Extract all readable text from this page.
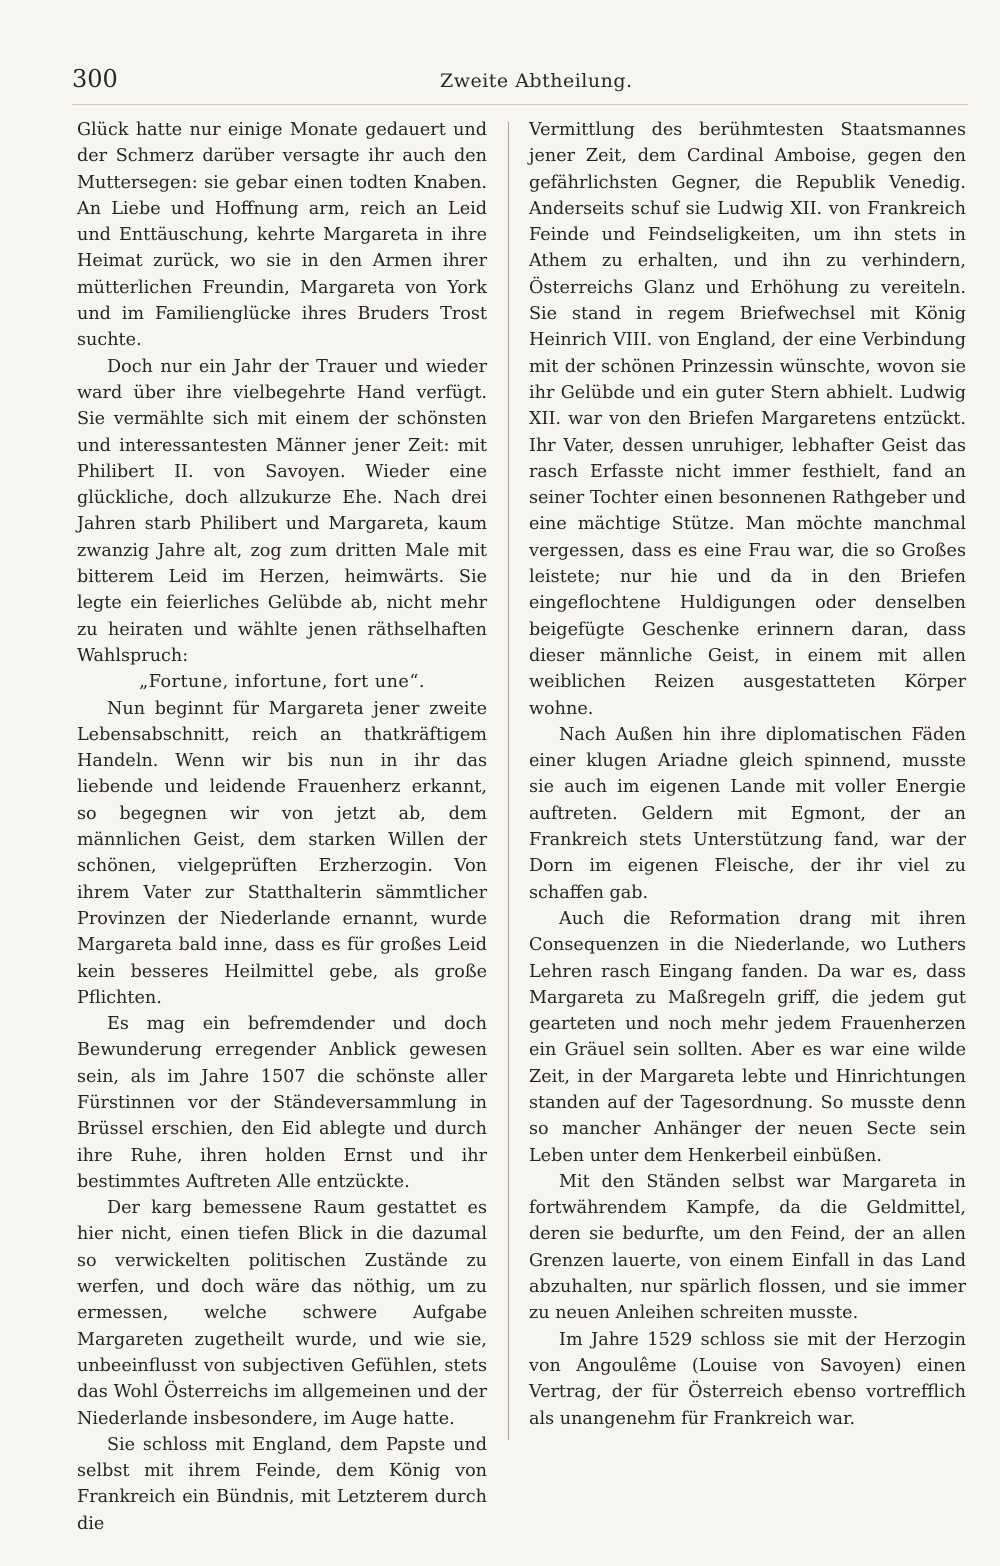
300	Zweite Abtheilung.

Glück hatte nur einige Monate gedauert und der Schmerz darüber versagte ihr auch den Muttersegen: sie gebar einen todten Knaben. An Liebe und Hoffnung arm, reich an Leid und Enttäuschung, kehrte Margareta in ihre Heimat zurück, wo sie in den Armen ihrer mütterlichen Freundin, Margareta von York und im Familienglücke ihres Bruders Trost suchte.

Doch nur ein Jahr der Trauer und wieder ward über ihre vielbegehrte Hand verfügt. Sie vermählte sich mit einem der schönsten und interessantesten Männer jener Zeit: mit Philibert II. von Savoyen. Wieder eine glückliche, doch allzukurze Ehe. Nach drei Jahren starb Philibert und Margareta, kaum zwanzig Jahre alt, zog zum dritten Male mit bitterem Leid im Herzen, heimwärts. Sie legte ein feierliches Gelübde ab, nicht mehr zu heiraten und wählte jenen räthselhaften Wahlspruch:

„Fortune, infortune, fort une“.

Nun beginnt für Margareta jener zweite Lebensabschnitt, reich an thatkräftigem Handeln. Wenn wir bis nun in ihr das liebende und leidende Frauenherz erkannt, so begegnen wir von jetzt ab, dem männlichen Geist, dem starken Willen der schönen, vielgeprüften Erzherzogin. Von ihrem Vater zur Statthalterin sämmtlicher Provinzen der Niederlande ernannt, wurde Margareta bald inne, dass es für großes Leid kein besseres Heilmittel gebe, als große Pflichten.

Es mag ein befremdender und doch Bewunderung erregender Anblick gewesen sein, als im Jahre 1507 die schönste aller Fürstinnen vor der Ständeversammlung in Brüssel erschien, den Eid ablegte und durch ihre Ruhe, ihren holden Ernst und ihr bestimmtes Auftreten Alle entzückte.

Der karg bemessene Raum gestattet es hier nicht, einen tiefen Blick in die dazumal so verwickelten politischen Zustände zu werfen, und doch wäre das nöthig, um zu ermessen, welche schwere Aufgabe Margareten zugetheilt wurde, und wie sie, unbeeinflusst von subjectiven Gefühlen, stets das Wohl Österreichs im allgemeinen und der Niederlande insbesondere, im Auge hatte.

Sie schloss mit England, dem Papste und selbst mit ihrem Feinde, dem König von Frankreich ein Bündnis, mit Letzterem durch die

Vermittlung des berühmtesten Staatsmannes jener Zeit, dem Cardinal Amboise, gegen den gefährlichsten Gegner, die Republik Venedig. Anderseits schuf sie Ludwig XII. von Frankreich Feinde und Feindseligkeiten, um ihn stets in Athem zu erhalten, und ihn zu verhindern, Österreichs Glanz und Erhöhung zu vereiteln. Sie stand in regem Briefwechsel mit König Heinrich VIII. von England, der eine Verbindung mit der schönen Prinzessin wünschte, wovon sie ihr Gelübde und ein guter Stern abhielt. Ludwig XII. war von den Briefen Margaretens entzückt. Ihr Vater, dessen unruhiger, lebhafter Geist das rasch Erfasste nicht immer festhielt, fand an seiner Tochter einen besonnenen Rathgeber und eine mächtige Stütze. Man möchte manchmal vergessen, dass es eine Frau war, die so Großes leistete; nur hie und da in den Briefen eingeflochtene Huldigungen oder denselben beigefügte Geschenke erinnern daran, dass dieser männliche Geist, in einem mit allen weiblichen Reizen ausgestatteten Körper wohne.

Nach Außen hin ihre diplomatischen Fäden einer klugen Ariadne gleich spinnend, musste sie auch im eigenen Lande mit voller Energie auftreten. Geldern mit Egmont, der an Frankreich stets Unterstützung fand, war der Dorn im eigenen Fleische, der ihr viel zu schaffen gab.

Auch die Reformation drang mit ihren Consequenzen in die Niederlande, wo Luthers Lehren rasch Eingang fanden. Da war es, dass Margareta zu Maßregeln griff, die jedem gut gearteten und noch mehr jedem Frauenherzen ein Gräuel sein sollten. Aber es war eine wilde Zeit, in der Margareta lebte und Hinrichtungen standen auf der Tagesordnung. So musste denn so mancher Anhänger der neuen Secte sein Leben unter dem Henkerbeil einbüßen.

Mit den Ständen selbst war Margareta in fortwährendem Kampfe, da die Geldmittel, deren sie bedurfte, um den Feind, der an allen Grenzen lauerte, von einem Einfall in das Land abzuhalten, nur spärlich flossen, und sie immer zu neuen Anleihen schreiten musste.

Im Jahre 1529 schloss sie mit der Herzogin von Angoulême (Louise von Savoyen) einen Vertrag, der für Österreich ebenso vortrefflich als unangenehm für Frankreich war.
